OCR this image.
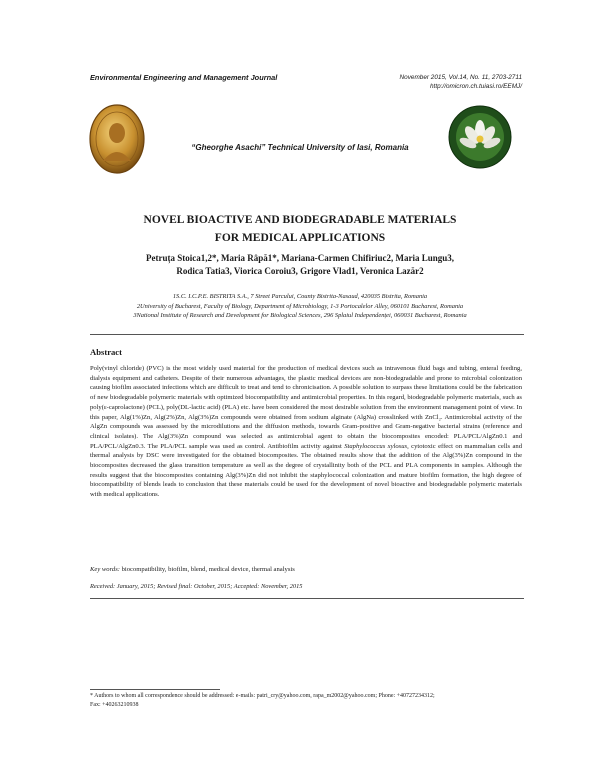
Environmental Engineering and Management Journal	November 2015, Vol.14, No. 11, 2703-2711
http://omicron.ch.tuiasi.ro/EEMJ/
“Gheorghe Asachi” Technical University of Iasi, Romania
NOVEL BIOACTIVE AND BIODEGRADABLE MATERIALS
FOR MEDICAL APPLICATIONS
Petruța Stoica1,2*, Maria Râpă1*, Mariana-Carmen Chifiriuc2, Maria Lungu3,
Rodica Tatia3, Viorica Coroiu3, Grigore Vlad1, Veronica Lazăr2
1S.C. I.C.P.E. BISTRITA S.A., 7 Street Parcului, County Bistrita-Nasaud, 420035 Bistrita, Romania
2University of Bucharest, Faculty of Biology, Department of Microbiology, 1-3 Portocalelor Alley, 060101 Bucharest, Romania
3National Institute of Research and Development for Biological Sciences, 296 Splaiul Independenței, 060031 Bucharest, Romania
Abstract
Poly(vinyl chloride) (PVC) is the most widely used material for the production of medical devices such as intravenous fluid bags and tubing, enteral feeding, dialysis equipment and catheters. Despite of their numerous advantages, the plastic medical devices are non-biodegradable and prone to microbial colonization causing biofilm associated infections which are difficult to treat and tend to chronicisation. A possible solution to surpass these limitations could be the fabrication of new biodegradable polymeric materials with optimized biocompatibility and antimicrobial properties. In this regard, biodegradable polymeric materials, such as poly(ε-caprolactone) (PCL), poly(DL-lactic acid) (PLA) etc. have been considered the most desirable solution from the environment management point of view. In this paper, Alg(1%)Zn, Alg(2%)Zn, Alg(3%)Zn compounds were obtained from sodium alginate (AlgNa) crosslinked with ZnCl₂. Antimicrobial activity of the AlgZn compounds was assessed by the microdilutions and the diffusion methods, towards Gram-positive and Gram-negative bacterial strains (reference and clinical isolates). The Alg(3%)Zn compound was selected as antimicrobial agent to obtain the biocomposites encoded: PLA/PCL/AlgZn0.1 and PLA/PCL/AlgZn0.3. The PLA/PCL sample was used as control. Antibiofilm activity against Staphylococcus xylosus, cytotoxic effect on mammalian cells and thermal analysis by DSC were investigated for the obtained biocomposites. The obtained results show that the addition of the Alg(3%)Zn compound in the biocomposites decreased the glass transition temperature as well as the degree of crystallinity both of the PCL and PLA components in samples. Although the results suggest that the biocomposites containing Alg(3%)Zn did not inhibit the staphylococcal colonization and mature biofilm formation, the high degree of biocompatibility of blends leads to conclusion that these materials could be used for the development of novel bioactive and biodegradable polymeric materials with medical applications.
Key words: biocompatibility, biofilm, blend, medical device, thermal analysis
Received: January, 2015; Revised final: October, 2015; Accepted: November, 2015
* Authors to whom all correspondence should be addressed: e-mails: patri_cry@yahoo.com, rapa_m2002@yahoo.com; Phone: +40727234312;
Fax: +40263210938
